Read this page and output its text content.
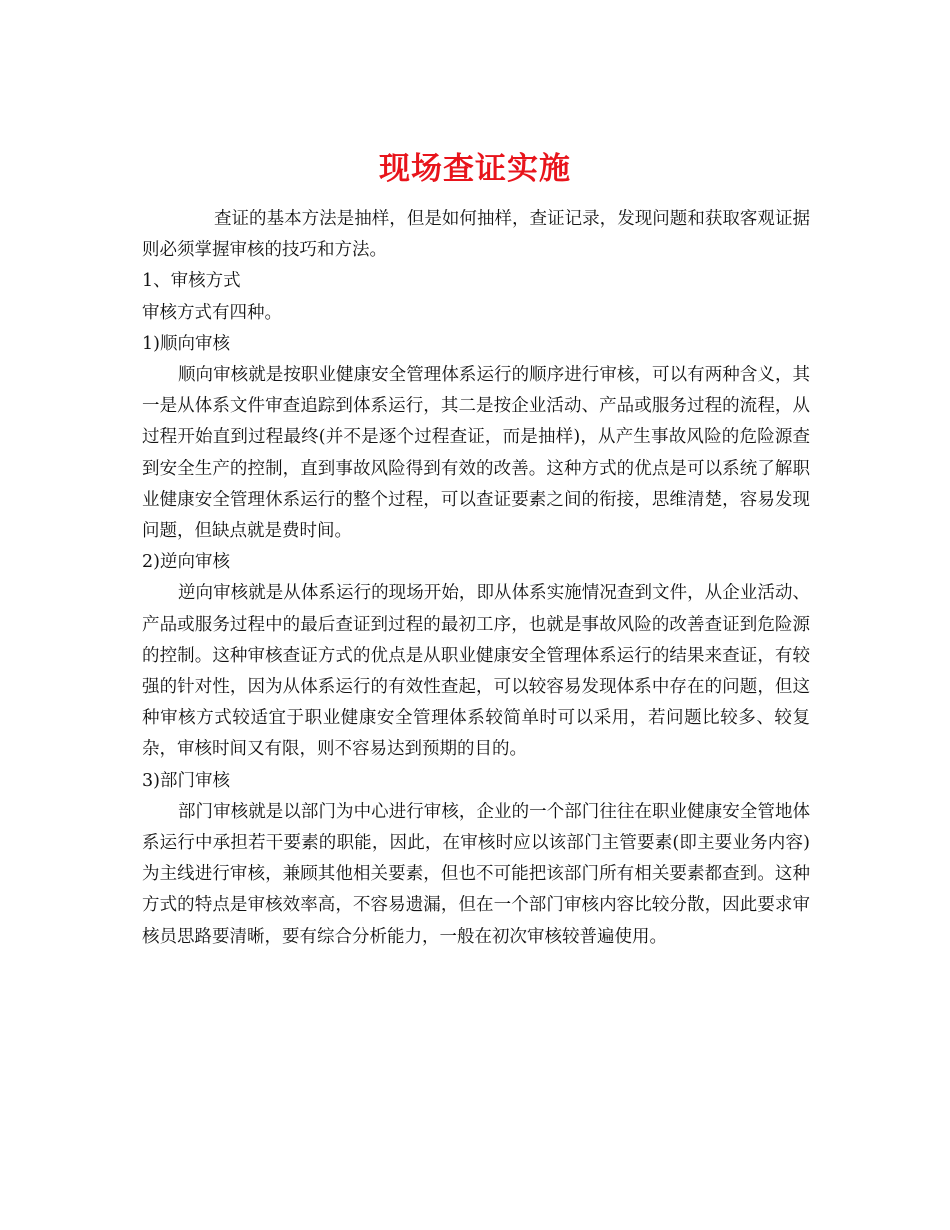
现场查证实施

查证的基本方法是抽样，但是如何抽样，查证记录，发现问题和获取客观证据则必须掌握审核的技巧和方法。

1、审核方式

审核方式有四种。

1)顺向审核

顺向审核就是按职业健康安全管理体系运行的顺序进行审核，可以有两种含义，其一是从体系文件审查追踪到体系运行，其二是按企业活动、产品或服务过程的流程，从过程开始直到过程最终(并不是逐个过程查证，而是抽样)，从产生事故风险的危险源查到安全生产的控制，直到事故风险得到有效的改善。这种方式的优点是可以系统了解职业健康安全管理休系运行的整个过程，可以查证要素之间的衔接，思维清楚，容易发现问题，但缺点就是费时间。

2)逆向审核

逆向审核就是从体系运行的现场开始，即从体系实施情况查到文件，从企业活动、产品或服务过程中的最后查证到过程的最初工序，也就是事故风险的改善查证到危险源的控制。这种审核查证方式的优点是从职业健康安全管理体系运行的结果来查证，有较强的针对性，因为从体系运行的有效性查起，可以较容易发现体系中存在的问题，但这种审核方式较适宜于职业健康安全管理体系较简单时可以采用，若问题比较多、较复杂，审核时间又有限，则不容易达到预期的目的。

3)部门审核

部门审核就是以部门为中心进行审核，企业的一个部门往往在职业健康安全管地体系运行中承担若干要素的职能，因此，在审核时应以该部门主管要素(即主要业务内容)为主线进行审核，兼顾其他相关要素，但也不可能把该部门所有相关要素都查到。这种方式的特点是审核效率高，不容易遗漏，但在一个部门审核内容比较分散，因此要求审核员思路要清晰，要有综合分析能力，一般在初次审核较普遍使用。
